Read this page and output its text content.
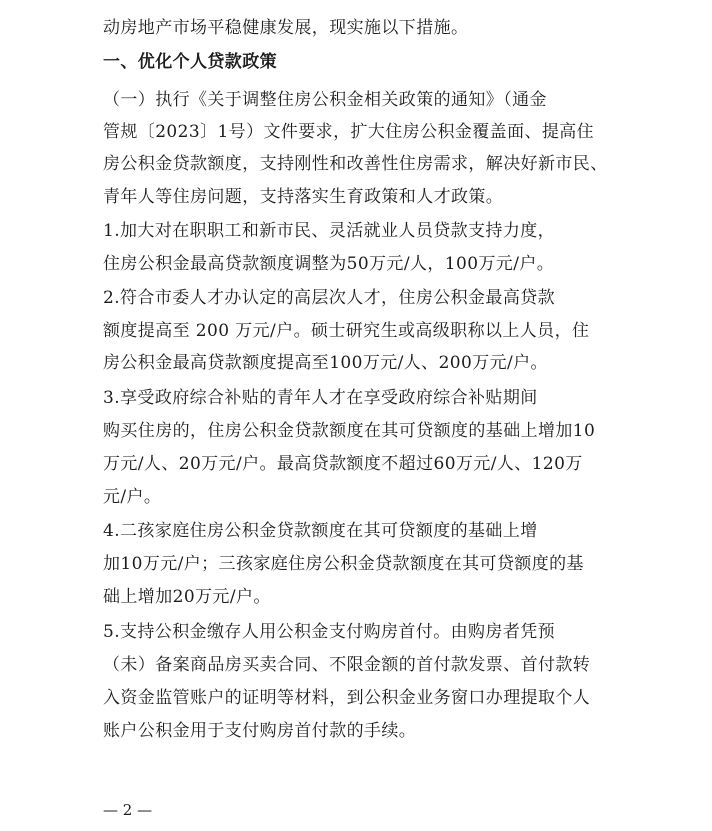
动房地产市场平稳健康发展，现实施以下措施。
一、优化个人贷款政策
（一）执行《关于调整住房公积金相关政策的通知》（通金
管规〔2023〕1号）文件要求，扩大住房公积金覆盖面、提高住
房公积金贷款额度，支持刚性和改善性住房需求，解决好新市民、
青年人等住房问题，支持落实生育政策和人才政策。
1.加大对在职职工和新市民、灵活就业人员贷款支持力度，
住房公积金最高贷款额度调整为50万元/人，100万元/户。
2.符合市委人才办认定的高层次人才，住房公积金最高贷款
额度提高至 200 万元/户。硕士研究生或高级职称以上人员，住
房公积金最高贷款额度提高至100万元/人、200万元/户。
3.享受政府综合补贴的青年人才在享受政府综合补贴期间
购买住房的，住房公积金贷款额度在其可贷额度的基础上增加10
万元/人、20万元/户。最高贷款额度不超过60万元/人、120万
元/户。
4.二孩家庭住房公积金贷款额度在其可贷额度的基础上增
加10万元/户；三孩家庭住房公积金贷款额度在其可贷额度的基
础上增加20万元/户。
5.支持公积金缴存人用公积金支付购房首付。由购房者凭预
（未）备案商品房买卖合同、不限金额的首付款发票、首付款转
入资金监管账户的证明等材料，到公积金业务窗口办理提取个人
账户公积金用于支付购房首付款的手续。
— 2 —
